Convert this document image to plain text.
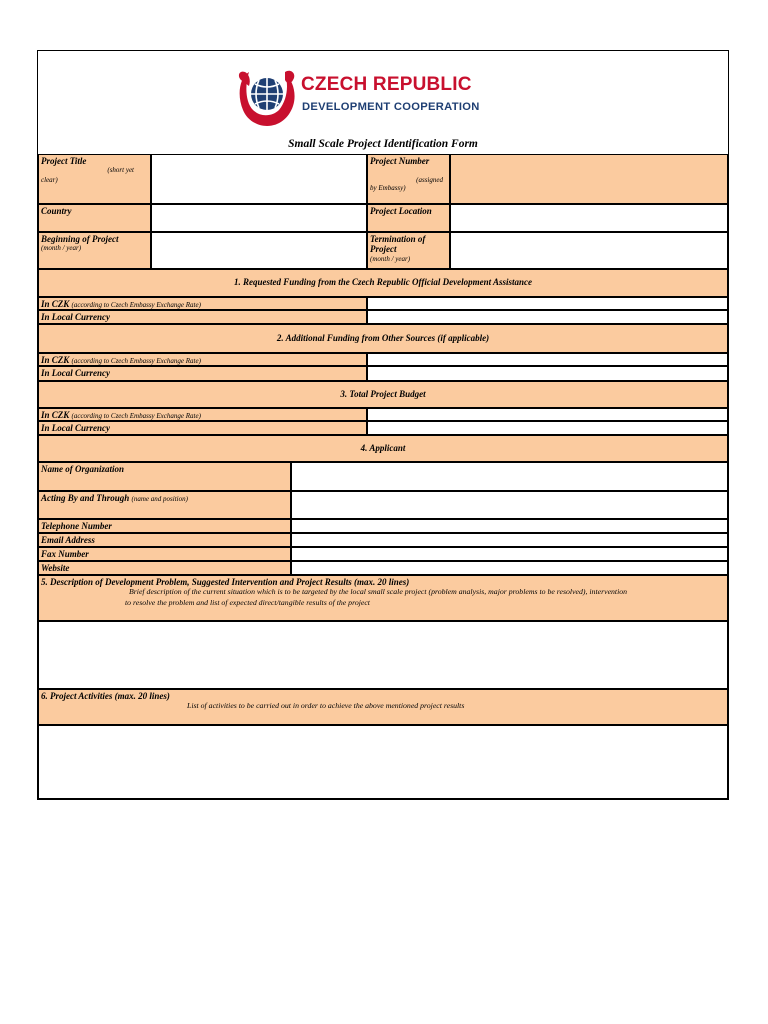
CZECH REPUBLIC
DEVELOPMENT COOPERATION
Small Scale Project Identification Form
Project Title
(short yet
clear)
Project Number
(assigned
by Embassy)
Country	Project Location
Beginning of Project
(month / year)
Termination of
Project
(month / year)
1. Requested Funding from the Czech Republic Official Development Assistance
In CZK (according to Czech Embassy Exchange Rate)
In Local Currency
2. Additional Funding from Other Sources (if applicable)
In CZK (according to Czech Embassy Exchange Rate)
In Local Currency
3. Total Project Budget
In CZK (according to Czech Embassy Exchange Rate)
In Local Currency
4. Applicant
Name of Organization
Acting By and Through (name and position)
Telephone Number
Email Address
Fax Number
Website
5. Description of Development Problem, Suggested Intervention and Project Results (max. 20 lines)
Brief description of the current situation which is to be targeted by the local small scale project (problem analysis, major problems to be resolved), intervention
to resolve the problem and list of expected direct/tangible results of the project
6. Project Activities (max. 20 lines)
List of activities to be carried out in order to achieve the above mentioned project results
